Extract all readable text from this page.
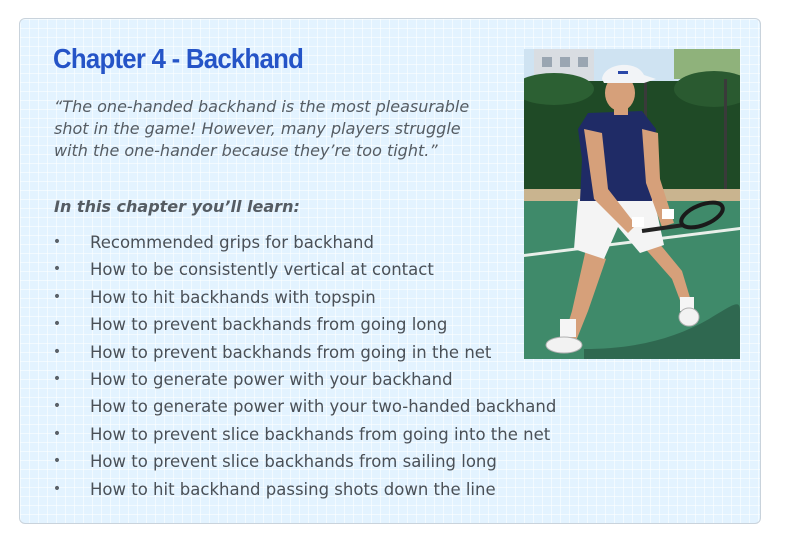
Chapter 4 - Backhand

“The one-handed backhand is the most pleasurable
shot in the game! However, many players struggle
with the one-hander because they’re too tight.”

In this chapter you’ll learn:

• Recommended grips for backhand
• How to be consistently vertical at contact
• How to hit backhands with topspin
• How to prevent backhands from going long
• How to prevent backhands from going in the net
• How to generate power with your backhand
• How to generate power with your two-handed backhand
• How to prevent slice backhands from going into the net
• How to prevent slice backhands from sailing long
• How to hit backhand passing shots down the line
